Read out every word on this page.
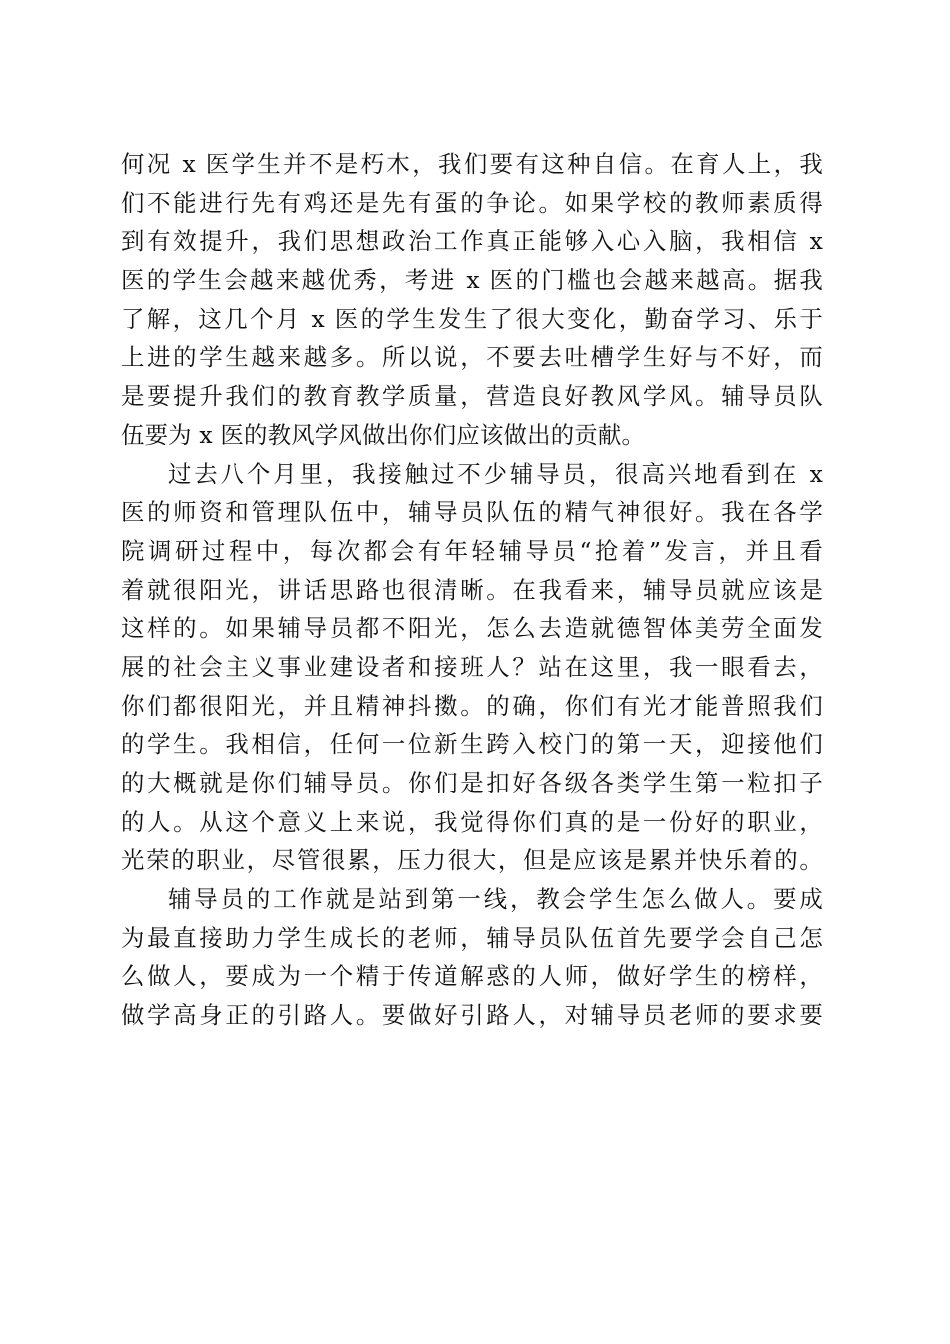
何况 x 医学生并不是朽木，我们要有这种自信。在育人上，我
们不能进行先有鸡还是先有蛋的争论。如果学校的教师素质得
到有效提升，我们思想政治工作真正能够入心入脑，我相信 x
医的学生会越来越优秀，考进 x 医的门槛也会越来越高。据我
了解，这几个月 x 医的学生发生了很大变化，勤奋学习、乐于
上进的学生越来越多。所以说，不要去吐槽学生好与不好，而
是要提升我们的教育教学质量，营造良好教风学风。辅导员队
伍要为 x 医的教风学风做出你们应该做出的贡献。
过去八个月里，我接触过不少辅导员，很高兴地看到在 x
医的师资和管理队伍中，辅导员队伍的精气神很好。我在各学
院调研过程中，每次都会有年轻辅导员“抢着”发言，并且看
着就很阳光，讲话思路也很清晰。在我看来，辅导员就应该是
这样的。如果辅导员都不阳光，怎么去造就德智体美劳全面发
展的社会主义事业建设者和接班人？站在这里，我一眼看去，
你们都很阳光，并且精神抖擞。的确，你们有光才能普照我们
的学生。我相信，任何一位新生跨入校门的第一天，迎接他们
的大概就是你们辅导员。你们是扣好各级各类学生第一粒扣子
的人。从这个意义上来说，我觉得你们真的是一份好的职业，
光荣的职业，尽管很累，压力很大，但是应该是累并快乐着的。
辅导员的工作就是站到第一线，教会学生怎么做人。要成
为最直接助力学生成长的老师，辅导员队伍首先要学会自己怎
么做人，要成为一个精于传道解惑的人师，做好学生的榜样，
做学高身正的引路人。要做好引路人，对辅导员老师的要求要
